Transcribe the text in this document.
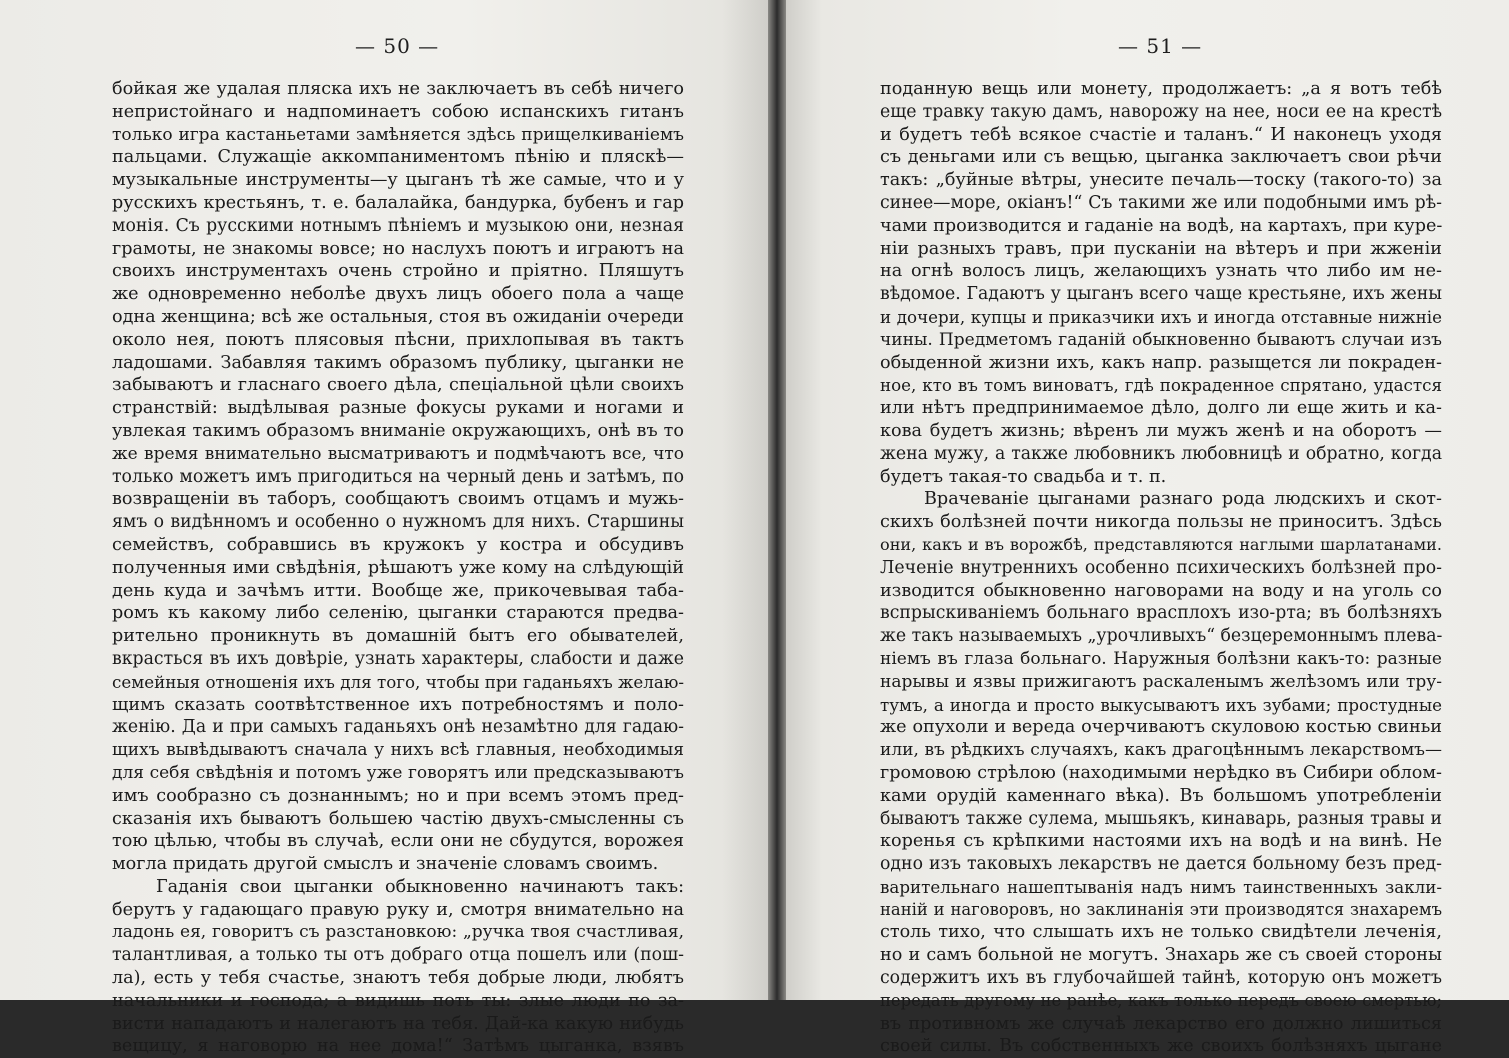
— 50 —
бойкая же удалая пляска ихъ не заключаетъ въ себѣ ничего
непристойнаго и надпоминаетъ собою испанскихъ гитанъ
только игра кастаньетами замѣняется здѣсь прищелкиваніемъ
пальцами. Служащіе аккомпаниментомъ пѣнію и пляскѣ—
музыкальные инструменты—у цыганъ тѣ же самые, что и у
русскихъ крестьянъ, т. е. балалайка, бандурка, бубенъ и гар
монія. Съ русскими нотнымъ пѣніемъ и музыкою они, незная
грамоты, не знакомы вовсе; но наслухъ поютъ и играютъ на
своихъ инструментахъ очень стройно и пріятно. Пляшутъ
же одновременно неболѣе двухъ лицъ обоего пола а чаще
одна женщина; всѣ же остальныя, стоя въ ожиданіи очереди
около нея, поютъ плясовыя пѣсни, прихлопывая въ тактъ
ладошами. Забавляя такимъ образомъ публику, цыганки не
забываютъ и гласнаго своего дѣла, спеціальной цѣли своихъ
странствій: выдѣлывая разные фокусы руками и ногами и
увлекая такимъ образомъ вниманіе окружающихъ, онѣ въ то
же время внимательно высматриваютъ и подмѣчаютъ все, что
только можетъ имъ пригодиться на черный день и затѣмъ, по
возвращеніи въ таборъ, сообщаютъ своимъ отцамъ и мужь-
ямъ о видѣнномъ и особенно о нужномъ для нихъ. Старшины
семействъ, собравшись въ кружокъ у костра и обсудивъ
полученныя ими свѣдѣнія, рѣшаютъ уже кому на слѣдующій
день куда и зачѣмъ итти. Вообще же, прикочевывая таба-
ромъ къ какому либо селенію, цыганки стараются предва-
рительно проникнуть въ домашній бытъ его обывателей,
вкрасться въ ихъ довѣріе, узнать характеры, слабости и даже
семейныя отношенія ихъ для того, чтобы при гаданьяхъ желаю-
щимъ сказать соотвѣтственное ихъ потребностямъ и поло-
женію. Да и при самыхъ гаданьяхъ онѣ незамѣтно для гадаю-
щихъ вывѣдываютъ сначала у нихъ всѣ главныя, необходимыя
для себя свѣдѣнія и потомъ уже говорятъ или предсказываютъ
имъ сообразно съ дознаннымъ; но и при всемъ этомъ пред-
сказанія ихъ бываютъ большею частію двухъ-смысленны съ
тою цѣлью, чтобы въ случаѣ, если они не сбудутся, ворожея
могла придать другой смыслъ и значеніе словамъ своимъ.
Гаданія свои цыганки обыкновенно начинаютъ такъ:
берутъ у гадающаго правую руку и, смотря внимательно на
ладонь ея, говоритъ съ разстановкою: „ручка твоя счастливая,
талантливая, а только ты отъ добраго отца пошелъ или (пош-
ла), есть у тебя счастье, знаютъ тебя добрые люди, любятъ
начальники и господа; а видишь поть ты: злые люди по за-
висти нападаютъ и налегаютъ на тебя. Дай-ка какую нибудь
вещицу, я наговорю на нее дома!“ Затѣмъ цыганка, взявъ
— 51 —
поданную вещь или монету, продолжаетъ: „а я вотъ тебѣ
еще травку такую дамъ, наворожу на нее, носи ее на крестѣ
и будетъ тебѣ всякое счастіе и таланъ.“ И наконецъ уходя
съ деньгами или съ вещью, цыганка заключаетъ свои рѣчи
такъ: „буйные вѣтры, унесите печаль—тоску (такого-то) за
синее—море, окіанъ!“ Съ такими же или подобными имъ рѣ-
чами производится и гаданіе на водѣ, на картахъ, при куре-
ніи разныхъ травъ, при пусканіи на вѣтеръ и при жженіи
на огнѣ волосъ лицъ, желающихъ узнать что либо им не-
вѣдомое. Гадаютъ у цыганъ всего чаще крестьяне, ихъ жены
и дочери, купцы и приказчики ихъ и иногда отставные нижніе
чины. Предметомъ гаданій обыкновенно бываютъ случаи изъ
обыденной жизни ихъ, какъ напр. разыщется ли покраден-
ное, кто въ томъ виноватъ, гдѣ покраденное спрятано, удастся
или нѣтъ предпринимаемое дѣло, долго ли еще жить и ка-
кова будетъ жизнь; вѣренъ ли мужъ женѣ и на оборотъ —
жена мужу, а также любовникъ любовницѣ и обратно, когда
будетъ такая-то свадьба и т. п.
Врачеваніе цыганами разнаго рода людскихъ и скот-
скихъ болѣзней почти никогда пользы не приноситъ. Здѣсь
они, какъ и въ ворожбѣ, представляются наглыми шарлатанами.
Леченіе внутреннихъ особенно психическихъ болѣзней про-
изводится обыкновенно наговорами на воду и на уголь со
вспрыскиваніемъ больнаго врасплохъ изо-рта; въ болѣзняхъ
же такъ называемыхъ „урочливыхъ“ безцеремоннымъ плева-
ніемъ въ глаза больнаго. Наружныя болѣзни какъ-то: разные
нарывы и язвы прижигаютъ раскаленымъ желѣзомъ или тру-
тумъ, а иногда и просто выкусываютъ ихъ зубами; простудные
же опухоли и вереда очерчиваютъ скуловою костью свиньи
или, въ рѣдкихъ случаяхъ, какъ драгоцѣннымъ лекарствомъ—
громовою стрѣлою (находимыми нерѣдко въ Сибири облом-
ками орудій каменнаго вѣка). Въ большомъ употребленіи
бываютъ также сулема, мышьякъ, кинаварь, разныя травы и
коренья съ крѣпкими настоями ихъ на водѣ и на винѣ. Не
одно изъ таковыхъ лекарствъ не дается больному безъ пред-
варительнаго нашептыванія надъ нимъ таинственныхъ закли-
наній и наговоровъ, но заклинанія эти производятся знахаремъ
столь тихо, что слышать ихъ не только свидѣтели леченія,
но и самъ больной не могутъ. Знахарь же съ своей стороны
содержитъ ихъ въ глубочайшей тайнѣ, которую онъ можетъ
передать другому не ранѣе, какъ только передъ своею смертью;
въ противномъ же случаѣ лекарство его должно лишиться
своей силы. Въ собственныхъ же своихъ болѣзняхъ цыгане
